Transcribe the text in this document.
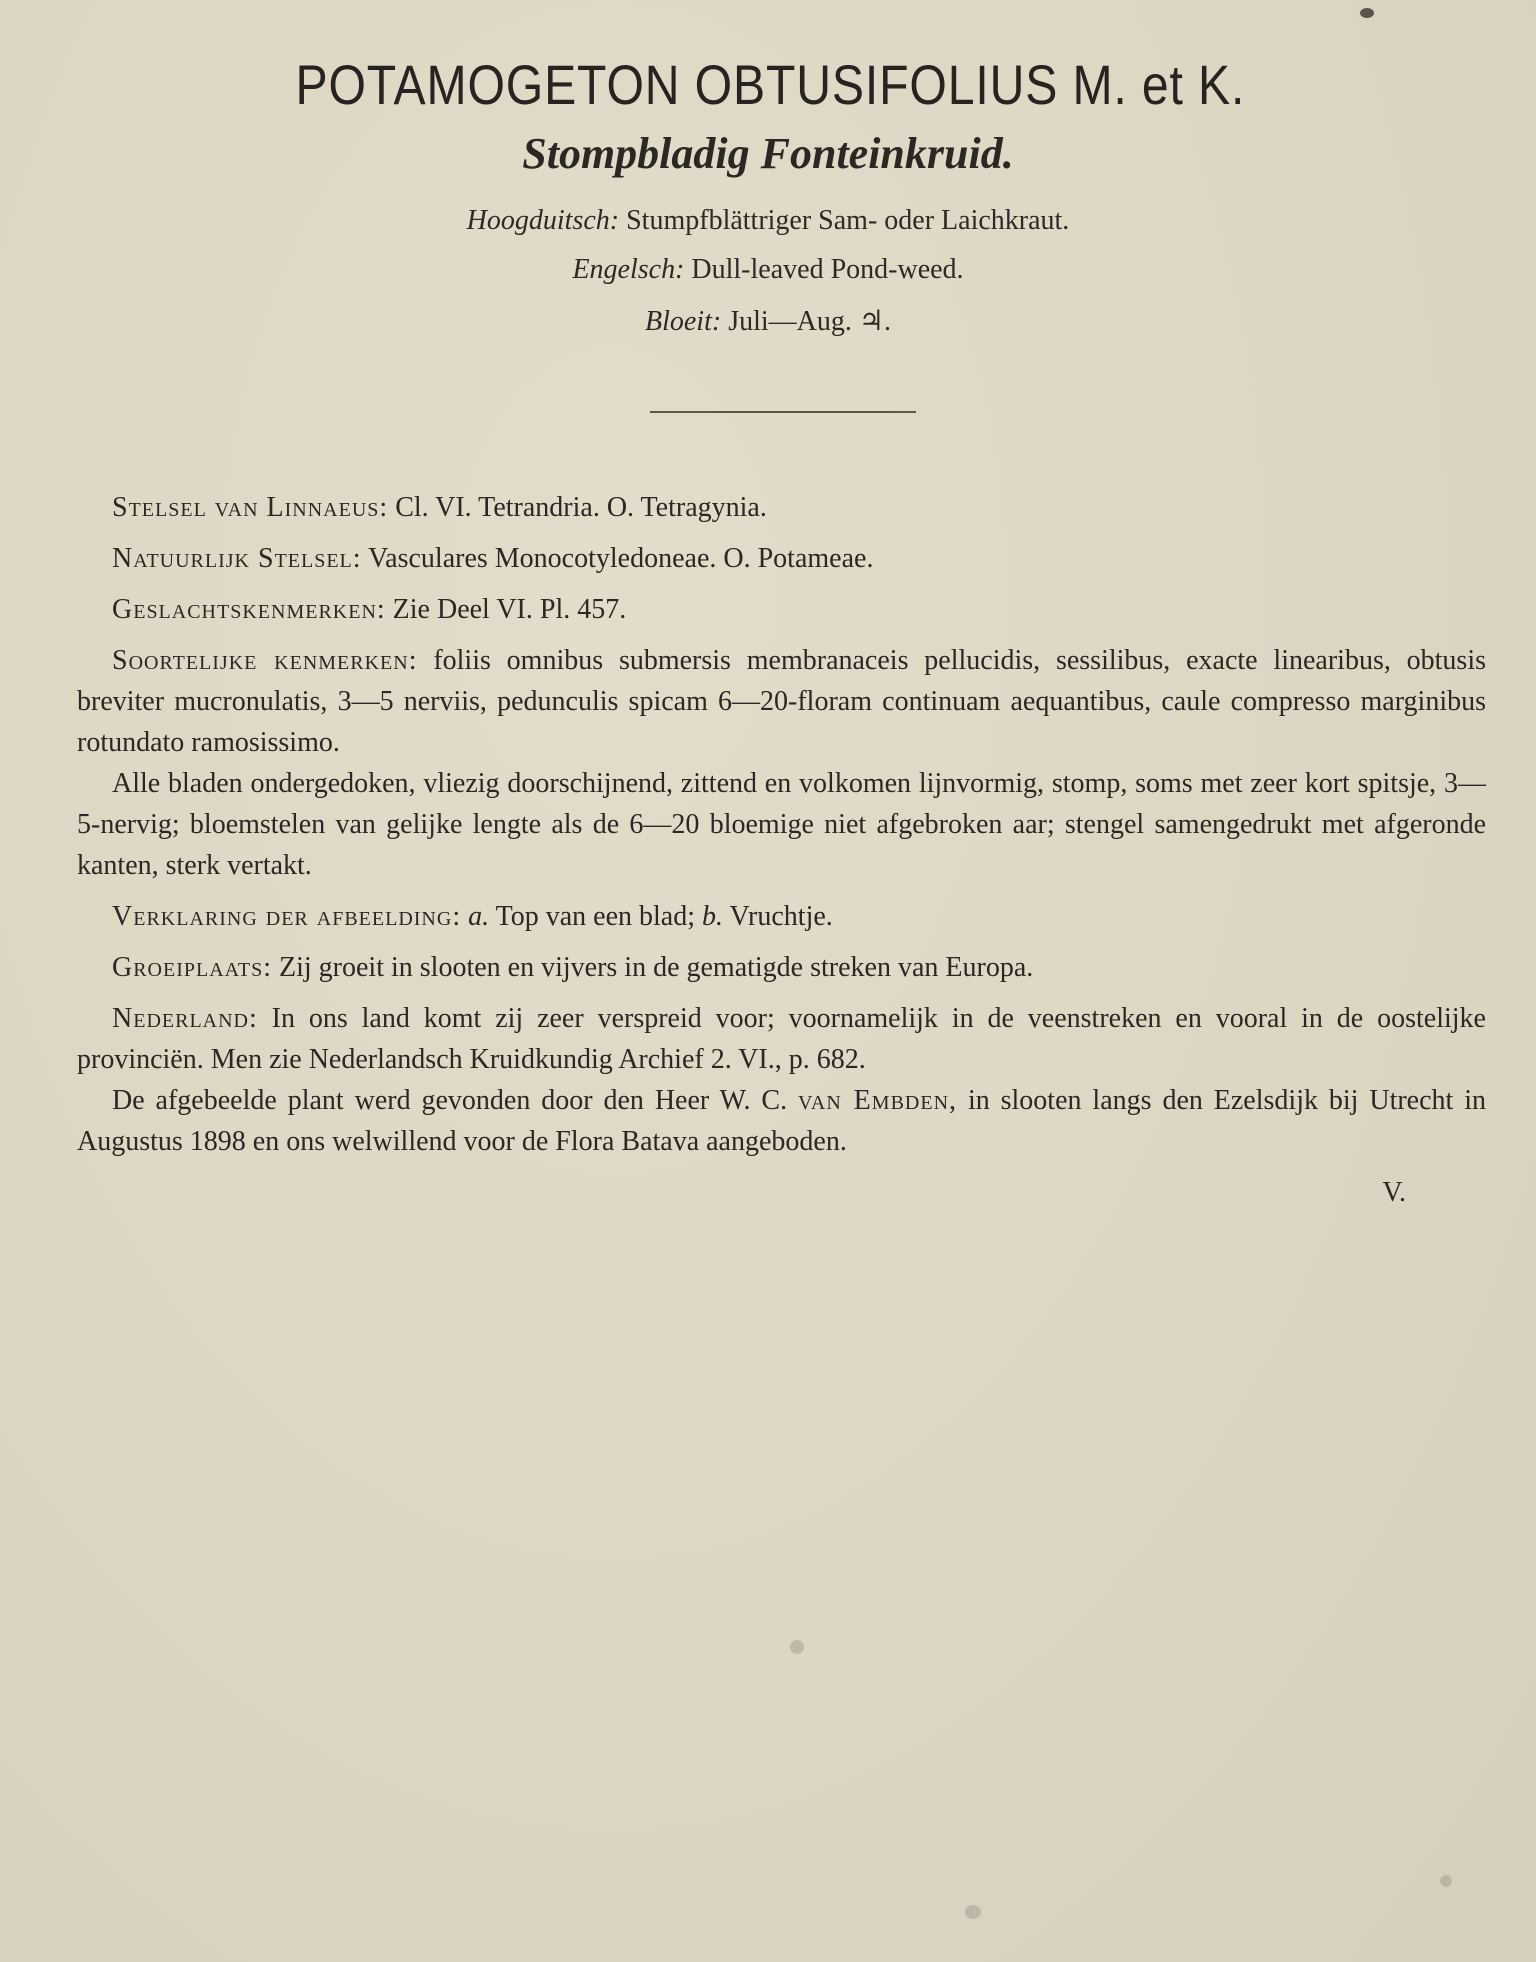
POTAMOGETON OBTUSIFOLIUS M. et K.
Stompbladig Fonteinkruid.
Hoogduitsch: Stumpfblättriger Sam- oder Laichkraut.
Engelsch: Dull-leaved Pond-weed.
Bloeit: Juli—Aug. ♃.

Stelsel van Linnaeus: Cl. VI. Tetrandria. O. Tetragynia.

Natuurlijk Stelsel: Vasculares Monocotyledoneae. O. Potameae.

Geslachtskenmerken: Zie Deel VI. Pl. 457.

Soortelijke kenmerken: foliis omnibus submersis membranaceis pellucidis, sessilibus, exacte linearibus, obtusis breviter mucronulatis, 3—5 nerviis, pedunculis spicam 6—20-floram continuam aequantibus, caule compresso marginibus rotundato ramosissimo.

Alle bladen ondergedoken, vliezig doorschijnend, zittend en volkomen lijnvormig, stomp, soms met zeer kort spitsje, 3—5-nervig; bloemstelen van gelijke lengte als de 6—20 bloemige niet afgebroken aar; stengel samengedrukt met afgeronde kanten, sterk vertakt.

Verklaring der afbeelding: a. Top van een blad; b. Vruchtje.

Groeiplaats: Zij groeit in slooten en vijvers in de gematigde streken van Europa.

Nederland: In ons land komt zij zeer verspreid voor; voornamelijk in de veenstreken en vooral in de oostelijke provinciën. Men zie Nederlandsch Kruidkundig Archief 2. VI., p. 682.

De afgebeelde plant werd gevonden door den Heer W. C. van Embden, in slooten langs den Ezelsdijk bij Utrecht in Augustus 1898 en ons welwillend voor de Flora Batava aangeboden.

V.
